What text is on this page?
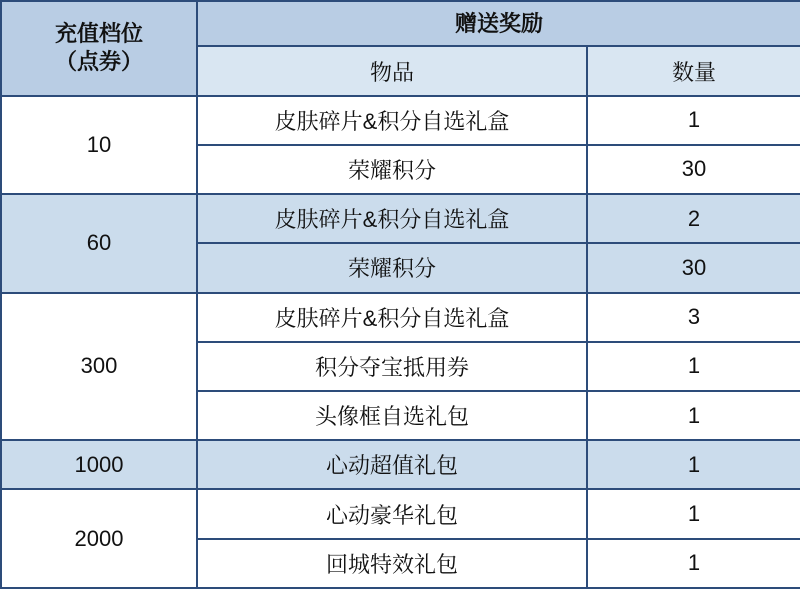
充值档位
（点券）	赠送奖励	
	物品	数量
10	皮肤碎片&积分自选礼盒	1
	荣耀积分	30
60	皮肤碎片&积分自选礼盒	2
	荣耀积分	30
300	皮肤碎片&积分自选礼盒	3
	积分夺宝抵用券	1
	头像框自选礼包	1
1000	心动超值礼包	1
2000	心动豪华礼包	1
	回城特效礼包	1
